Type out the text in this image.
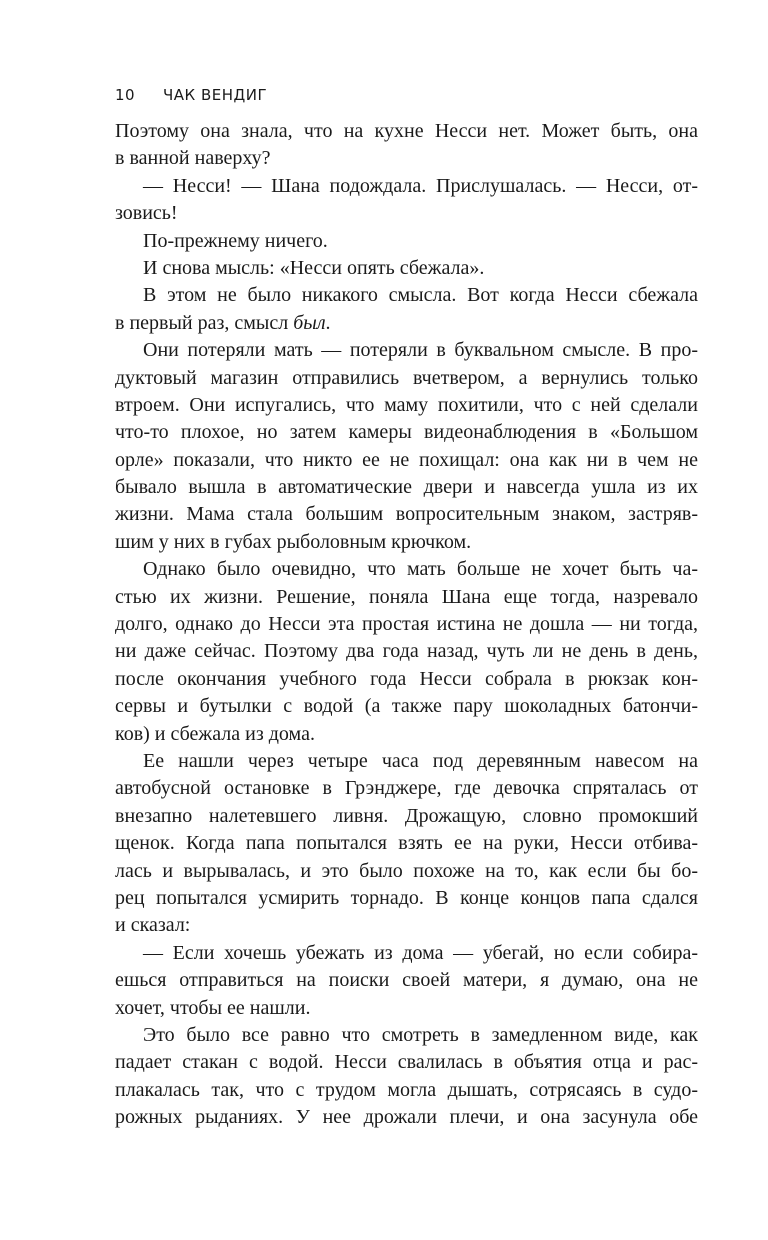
10 ЧАК ВЕНДИГ
Поэтому она знала, что на кухне Несси нет. Может быть, она
в ванной наверху?
— Несси! — Шана подождала. Прислушалась. — Несси, от-
зовись!
По-прежнему ничего.
И снова мысль: «Несси опять сбежала».
В этом не было никакого смысла. Вот когда Несси сбежала
в первый раз, смысл был.
Они потеряли мать — потеряли в буквальном смысле. В про-
дуктовый магазин отправились вчетвером, а вернулись только
втроем. Они испугались, что маму похитили, что с ней сделали
что-то плохое, но затем камеры видеонаблюдения в «Большом
орле» показали, что никто ее не похищал: она как ни в чем не
бывало вышла в автоматические двери и навсегда ушла из их
жизни. Мама стала большим вопросительным знаком, застряв-
шим у них в губах рыболовным крючком.
Однако было очевидно, что мать больше не хочет быть ча-
стью их жизни. Решение, поняла Шана еще тогда, назревало
долго, однако до Несси эта простая истина не дошла — ни тогда,
ни даже сейчас. Поэтому два года назад, чуть ли не день в день,
после окончания учебного года Несси собрала в рюкзак кон-
сервы и бутылки с водой (а также пару шоколадных батончи-
ков) и сбежала из дома.
Ее нашли через четыре часа под деревянным навесом на
автобусной остановке в Грэнджере, где девочка спряталась от
внезапно налетевшего ливня. Дрожащую, словно промокший
щенок. Когда папа попытался взять ее на руки, Несси отбива-
лась и вырывалась, и это было похоже на то, как если бы бо-
рец попытался усмирить торнадо. В конце концов папа сдался
и сказал:
— Если хочешь убежать из дома — убегай, но если собира-
ешься отправиться на поиски своей матери, я думаю, она не
хочет, чтобы ее нашли.
Это было все равно что смотреть в замедленном виде, как
падает стакан с водой. Несси свалилась в объятия отца и рас-
плакалась так, что с трудом могла дышать, сотрясаясь в судо-
рожных рыданиях. У нее дрожали плечи, и она засунула обе
